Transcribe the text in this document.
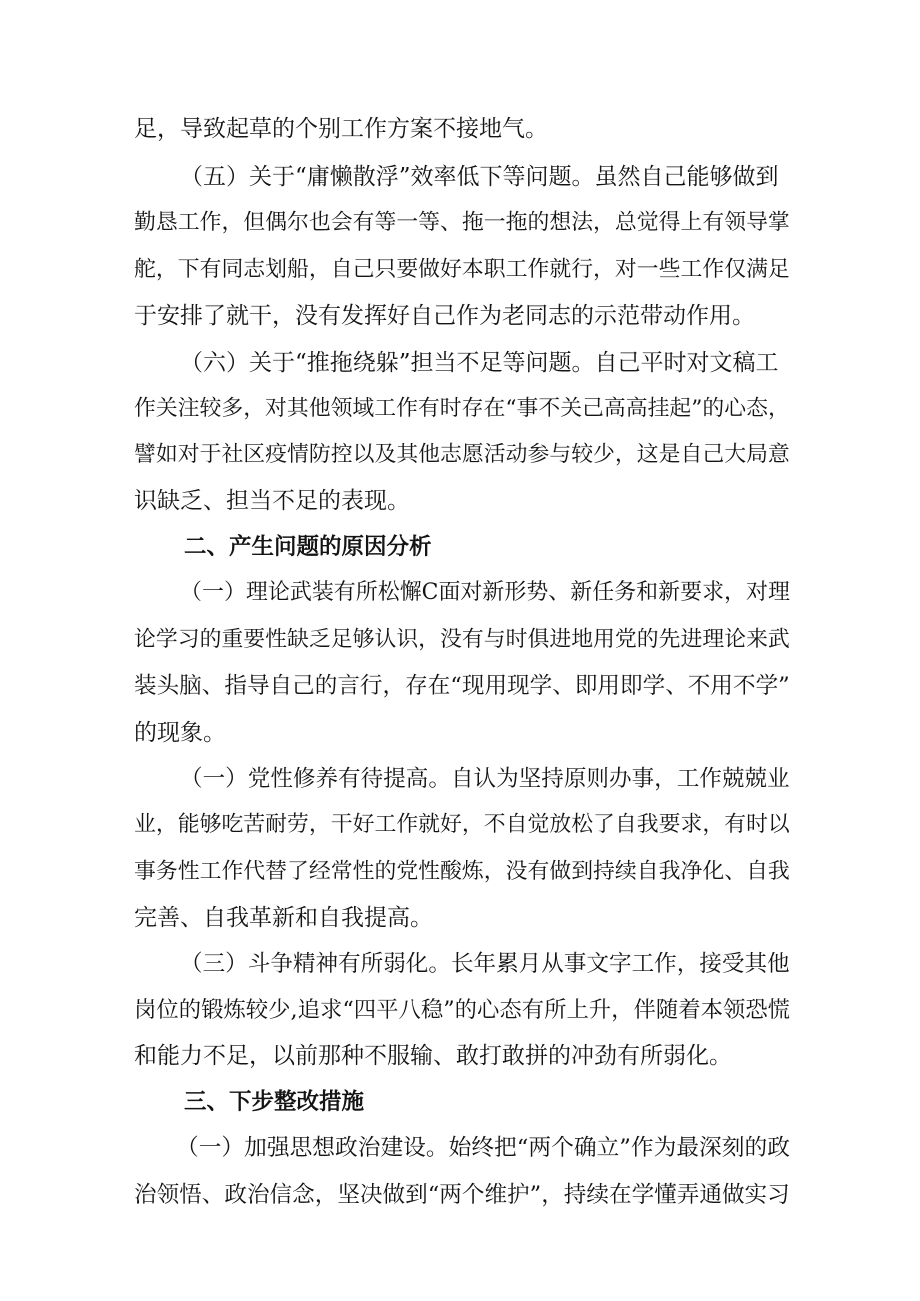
足，导致起草的个别工作方案不接地气。
（五）关于“庸懒散浮”效率低下等问题。虽然自己能够做到
勤恳工作，但偶尔也会有等一等、拖一拖的想法，总觉得上有领导掌
舵，下有同志划船，自己只要做好本职工作就行，对一些工作仅满足
于安排了就干，没有发挥好自己作为老同志的示范带动作用。
（六）关于“推拖绕躲”担当不足等问题。自己平时对文稿工
作关注较多，对其他领域工作有时存在“事不关己高高挂起”的心态，
譬如对于社区疫情防控以及其他志愿活动参与较少，这是自己大局意
识缺乏、担当不足的表现。
二、产生问题的原因分析
（一）理论武装有所松懈C面对新形势、新任务和新要求，对理
论学习的重要性缺乏足够认识，没有与时俱进地用党的先进理论来武
装头脑、指导自己的言行，存在“现用现学、即用即学、不用不学”
的现象。
（一）党性修养有待提高。自认为坚持原则办事，工作兢兢业
业，能够吃苦耐劳，干好工作就好，不自觉放松了自我要求，有时以
事务性工作代替了经常性的党性酸炼，没有做到持续自我净化、自我
完善、自我革新和自我提高。
（三）斗争精神有所弱化。长年累月从事文字工作，接受其他
岗位的锻炼较少,追求“四平八稳”的心态有所上升，伴随着本领恐慌
和能力不足，以前那种不服输、敢打敢拼的冲劲有所弱化。
三、下步整改措施
（一）加强思想政治建设。始终把“两个确立”作为最深刻的政
治领悟、政治信念，坚决做到“两个维护”，持续在学懂弄通做实习
